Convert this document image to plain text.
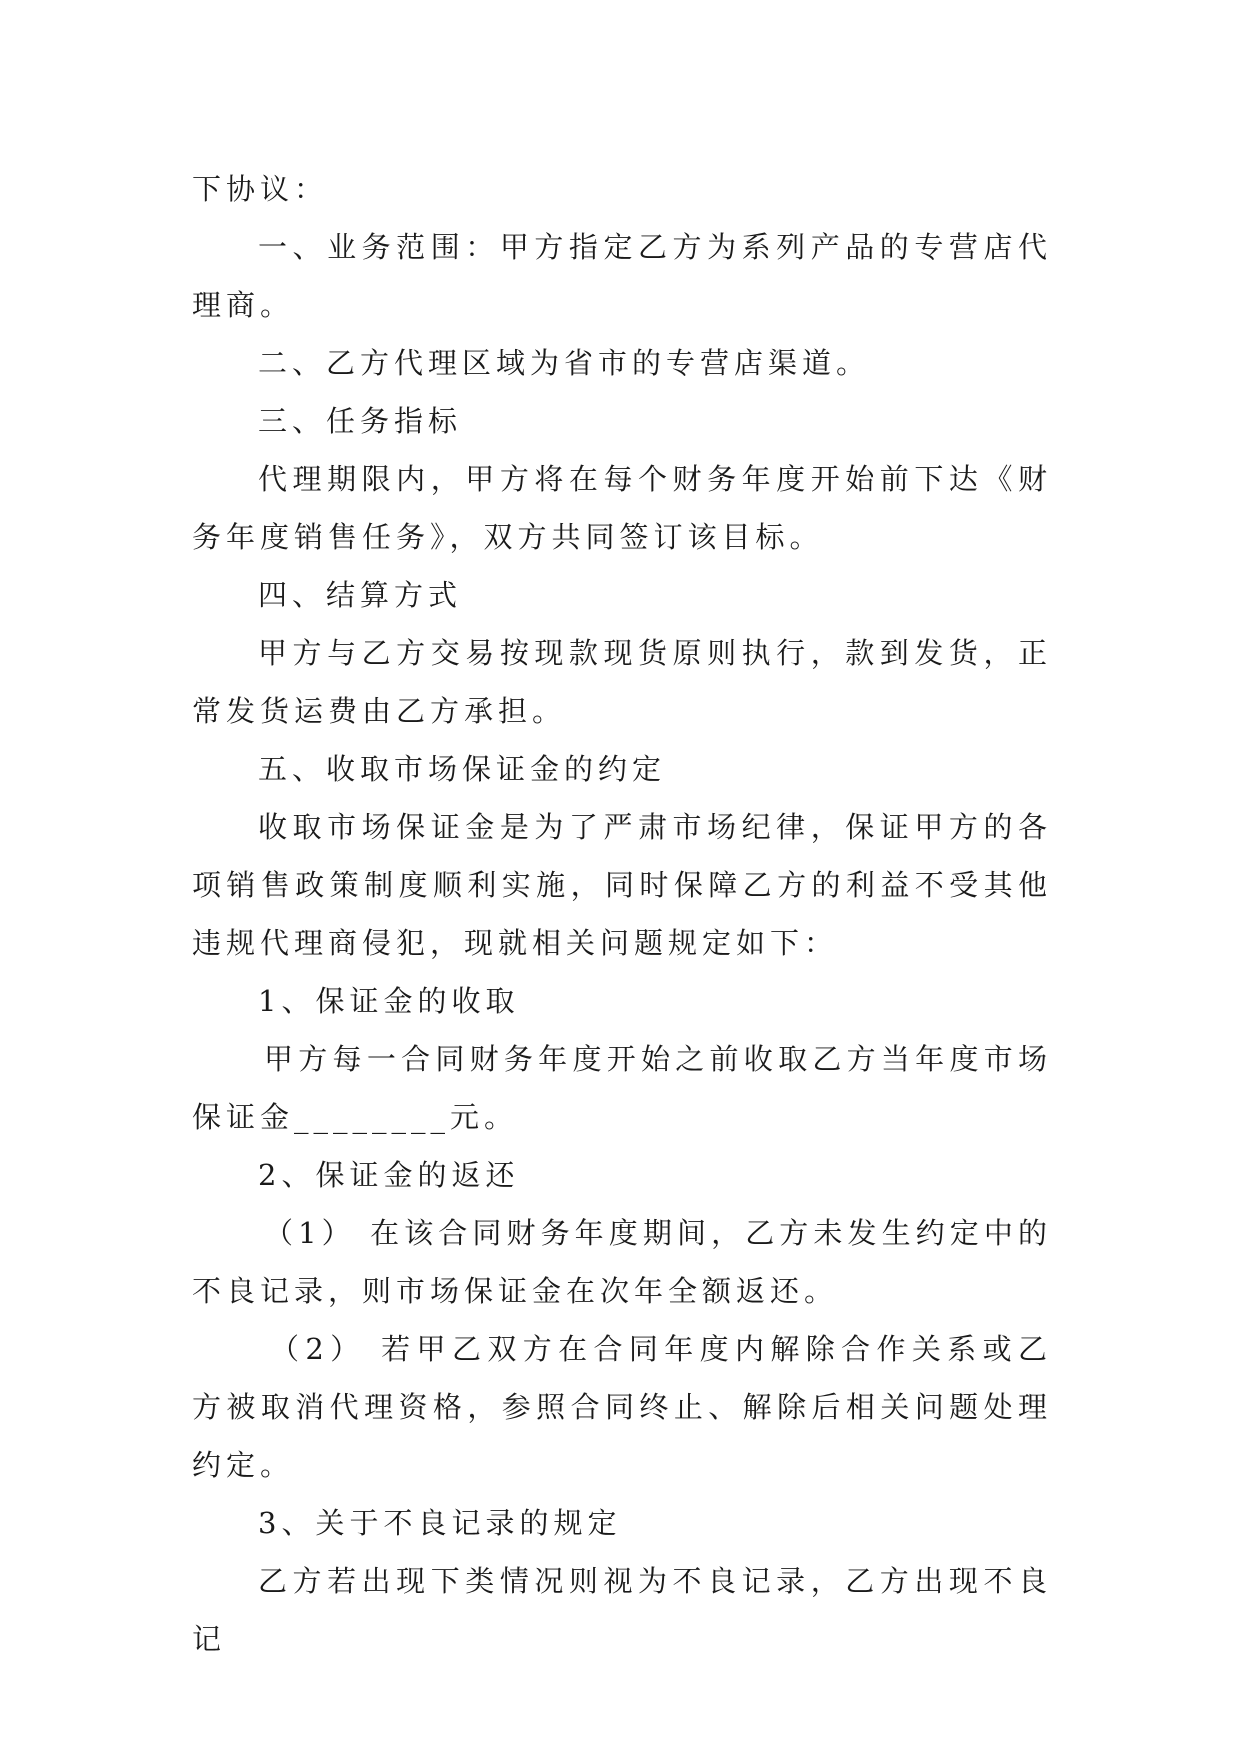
下协议：

一、业务范围：甲方指定乙方为系列产品的专营店代理商。

二、乙方代理区域为省市的专营店渠道。

三、任务指标

代理期限内，甲方将在每个财务年度开始前下达《财务年度销售任务》，双方共同签订该目标。

四、结算方式

甲方与乙方交易按现款现货原则执行，款到发货，正常发货运费由乙方承担。

五、收取市场保证金的约定

收取市场保证金是为了严肃市场纪律，保证甲方的各项销售政策制度顺利实施，同时保障乙方的利益不受其他违规代理商侵犯，现就相关问题规定如下：

1、保证金的收取

甲方每一合同财务年度开始之前收取乙方当年度市场保证金________元。

2、保证金的返还

（1） 在该合同财务年度期间，乙方未发生约定中的不良记录，则市场保证金在次年全额返还。

（2） 若甲乙双方在合同年度内解除合作关系或乙方被取消代理资格，参照合同终止、解除后相关问题处理约定。

3、关于不良记录的规定

乙方若出现下类情况则视为不良记录，乙方出现不良记
